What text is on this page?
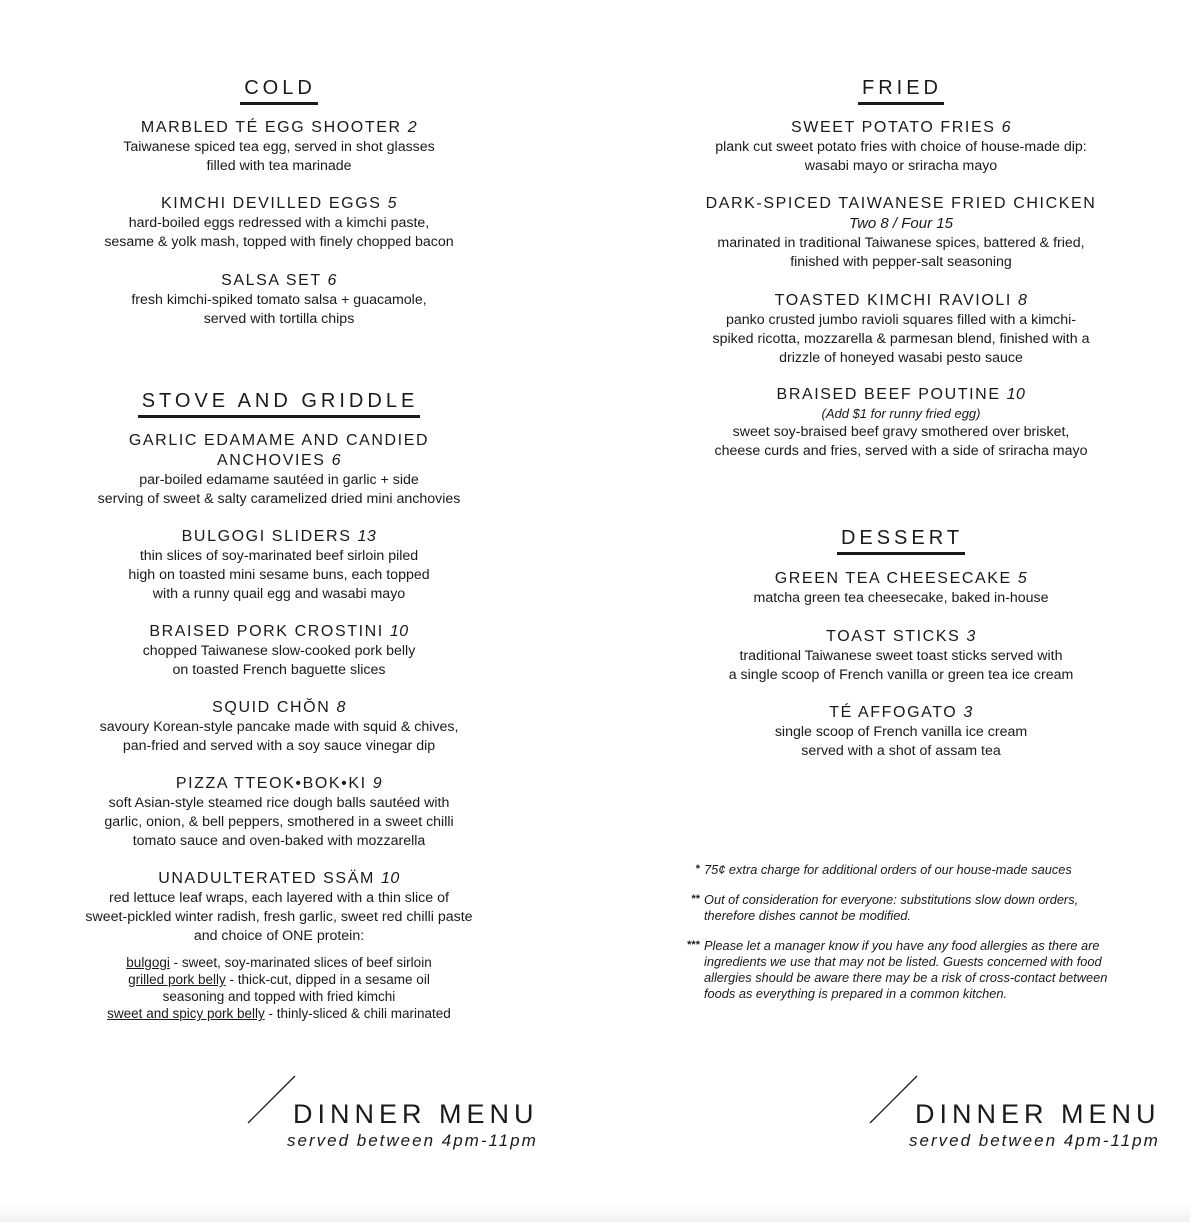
COLD
MARBLED TÉ EGG SHOOTER 2
Taiwanese spiced tea egg, served in shot glasses
filled with tea marinade
KIMCHI DEVILLED EGGS 5
hard-boiled eggs redressed with a kimchi paste,
sesame & yolk mash, topped with finely chopped bacon
SALSA SET 6
fresh kimchi-spiked tomato salsa + guacamole,
served with tortilla chips
STOVE AND GRIDDLE
GARLIC EDAMAME AND CANDIED
ANCHOVIES 6
par-boiled edamame sautéed in garlic + side
serving of sweet & salty caramelized dried mini anchovies
BULGOGI SLIDERS 13
thin slices of soy-marinated beef sirloin piled
high on toasted mini sesame buns, each topped
with a runny quail egg and wasabi mayo
BRAISED PORK CROSTINI 10
chopped Taiwanese slow-cooked pork belly
on toasted French baguette slices
SQUID CHŎN 8
savoury Korean-style pancake made with squid & chives,
pan-fried and served with a soy sauce vinegar dip
PIZZA TTEOK•BOK•KI 9
soft Asian-style steamed rice dough balls sautéed with
garlic, onion, & bell peppers, smothered in a sweet chilli
tomato sauce and oven-baked with mozzarella
UNADULTERATED SSÄM 10
red lettuce leaf wraps, each layered with a thin slice of
sweet-pickled winter radish, fresh garlic, sweet red chilli paste
and choice of ONE protein:
bulgogi - sweet, soy-marinated slices of beef sirloin
grilled pork belly - thick-cut, dipped in a sesame oil
seasoning and topped with fried kimchi
sweet and spicy pork belly - thinly-sliced & chili marinated
FRIED
SWEET POTATO FRIES 6
plank cut sweet potato fries with choice of house-made dip:
wasabi mayo or sriracha mayo
DARK-SPICED TAIWANESE FRIED CHICKEN
Two 8 / Four 15
marinated in traditional Taiwanese spices, battered & fried,
finished with pepper-salt seasoning
TOASTED KIMCHI RAVIOLI 8
panko crusted jumbo ravioli squares filled with a kimchi-
spiked ricotta, mozzarella & parmesan blend, finished with a
drizzle of honeyed wasabi pesto sauce
BRAISED BEEF POUTINE 10
(Add $1 for runny fried egg)
sweet soy-braised beef gravy smothered over brisket,
cheese curds and fries, served with a side of sriracha mayo
DESSERT
GREEN TEA CHEESECAKE 5
matcha green tea cheesecake, baked in-house
TOAST STICKS 3
traditional Taiwanese sweet toast sticks served with
a single scoop of French vanilla or green tea ice cream
TÉ AFFOGATO 3
single scoop of French vanilla ice cream
served with a shot of assam tea
* 75¢ extra charge for additional orders of our house-made sauces
** Out of consideration for everyone: substitutions slow down orders, therefore dishes cannot be modified.
*** Please let a manager know if you have any food allergies as there are ingredients we use that may not be listed. Guests concerned with food allergies should be aware there may be a risk of cross-contact between foods as everything is prepared in a common kitchen.
DINNER MENU
served between 4pm-11pm
DINNER MENU
served between 4pm-11pm
